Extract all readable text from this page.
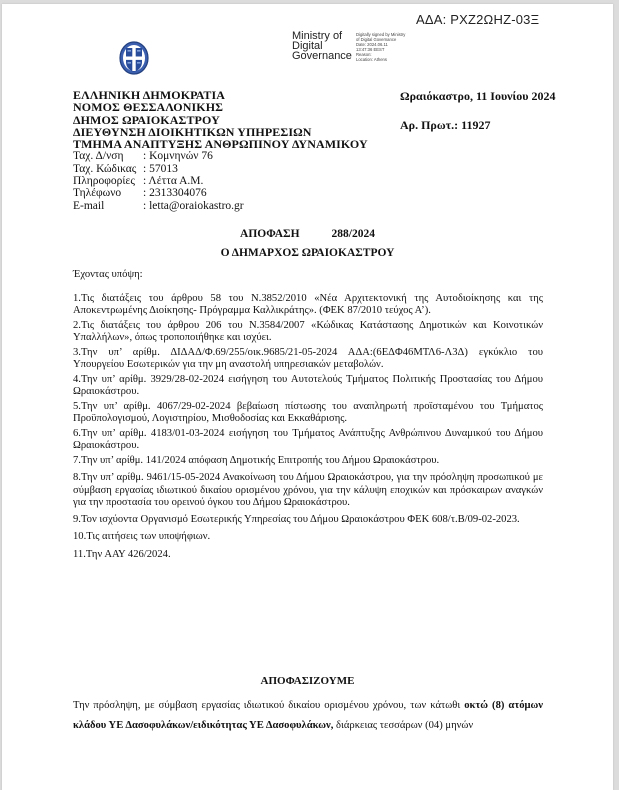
ΑΔΑ: ΡΧΖ2ΩΗΖ-03Ξ
Ministry of
Digital
Governance
Digitally signed by Ministry
of Digital Governance
Date: 2024.06.11
13:47:36 EEST
Reason:
Location: Athens
ΕΛΛΗΝΙΚΗ ΔΗΜΟΚΡΑΤΙΑ
ΝΟΜΟΣ ΘΕΣΣΑΛΟΝΙΚΗΣ
ΔΗΜΟΣ ΩΡΑΙΟΚΑΣΤΡΟΥ
ΔΙΕΥΘΥΝΣΗ ΔΙΟΙΚΗΤΙΚΩΝ ΥΠΗΡΕΣΙΩΝ
ΤΜΗΜΑ ΑΝΑΠΤΥΞΗΣ ΑΝΘΡΩΠΙΝΟΥ ΔΥΝΑΜΙΚΟΥ
Ταχ. Δ/νση	: Κομνηνών 76
Ταχ. Κώδικας : 57013
Πληροφορίες : Λέττα Α.Μ.
Τηλέφωνο	: 2313304076
E-mail	: letta@oraiokastro.gr
Ωραιόκαστρο, 11 Ιουνίου 2024
Αρ. Πρωτ.: 11927
ΑΠΟΦΑΣΗ	288/2024
Ο ΔΗΜΑΡΧΟΣ ΩΡΑΙΟΚΑΣΤΡΟΥ
Έχοντας υπόψη:
1.Τις διατάξεις του άρθρου 58 του Ν.3852/2010 «Νέα Αρχιτεκτονική της Αυτοδιοίκησης και της Αποκεντρωμένης Διοίκησης- Πρόγραμμα Καλλικράτης». (ΦΕΚ 87/2010 τεύχος Α’).
2.Τις διατάξεις του άρθρου 206 του Ν.3584/2007 «Κώδικας Κατάστασης Δημοτικών και Κοινοτικών Υπαλλήλων», όπως τροποποιήθηκε και ισχύει.
3.Την υπ’ αρίθμ. ΔΙΔΑΔ/Φ.69/255/οικ.9685/21-05-2024 ΑΔΑ:(6ΕΔΦ46ΜΤΛ6-Λ3Δ) εγκύκλιο του Υπουργείου Εσωτερικών για την μη αναστολή υπηρεσιακών μεταβολών.
4.Την υπ’ αρίθμ. 3929/28-02-2024 εισήγηση του Αυτοτελούς Τμήματος Πολιτικής Προστασίας του Δήμου Ωραιοκάστρου.
5.Την υπ’ αρίθμ. 4067/29-02-2024 βεβαίωση πίστωσης του αναπληρωτή προϊσταμένου του Τμήματος Προϋπολογισμού, Λογιστηρίου, Μισθοδοσίας και Εκκαθάρισης.
6.Την υπ’ αρίθμ. 4183/01-03-2024 εισήγηση του Τμήματος Ανάπτυξης Ανθρώπινου Δυναμικού του Δήμου Ωραιοκάστρου.
7.Την υπ’ αρίθμ. 141/2024 απόφαση Δημοτικής Επιτροπής του Δήμου Ωραιοκάστρου.
8.Την υπ’ αρίθμ. 9461/15-05-2024 Ανακοίνωση του Δήμου Ωραιοκάστρου, για την πρόσληψη προσωπικού με σύμβαση εργασίας ιδιωτικού δικαίου ορισμένου χρόνου, για την κάλυψη εποχικών και πρόσκαιρων αναγκών για την προστασία του ορεινού όγκου του Δήμου Ωραιοκάστρου.
9.Τον ισχύοντα Οργανισμό Εσωτερικής Υπηρεσίας του Δήμου Ωραιοκάστρου ΦΕΚ 608/τ.Β/09-02-2023.
10.Τις αιτήσεις των υποψήφιων.
11.Την ΑΑΥ 426/2024.
ΑΠΟΦΑΣΙΖΟΥΜΕ
Την πρόσληψη, με σύμβαση εργασίας ιδιωτικού δικαίου ορισμένου χρόνου, των κάτωθι οκτώ (8) ατόμων κλάδου ΥΕ Δασοφυλάκων/ειδικότητας ΥΕ Δασοφυλάκων, διάρκειας τεσσάρων (04) μηνών
